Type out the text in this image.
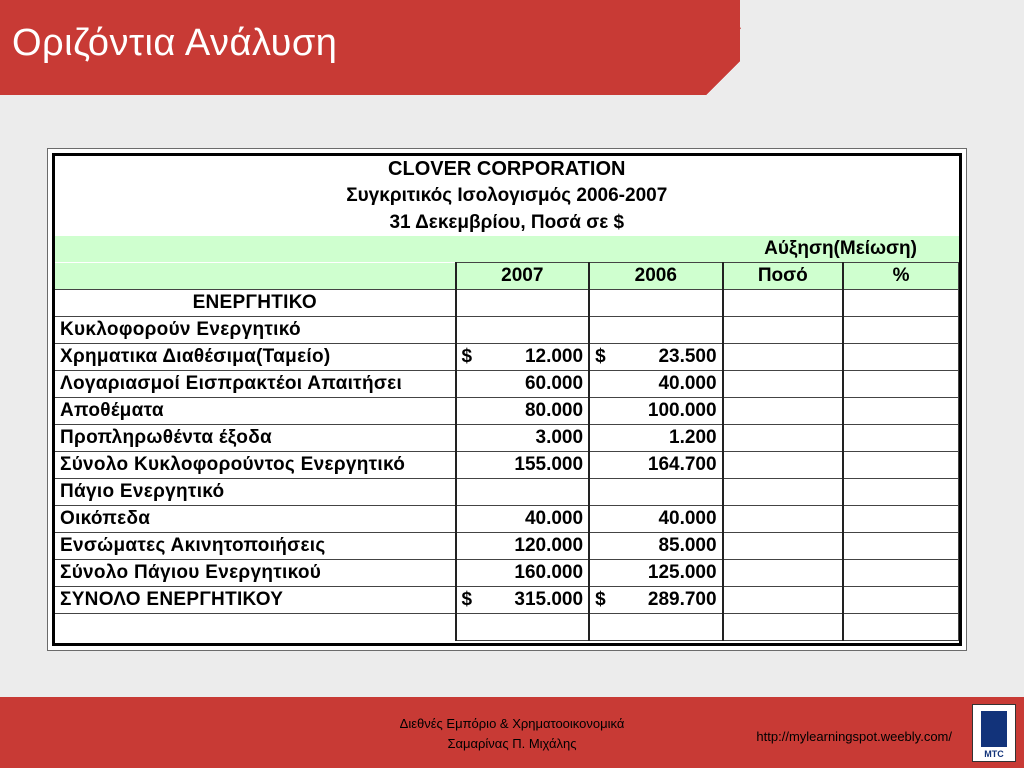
Οριζόντια Ανάλυση
CLOVER CORPORATION				
Συγκριτικός Ισολογισμός 2006-2007				
31 Δεκεμβρίου, Ποσά σε $				
			Αύξηση(Μείωση)	
	2007	2006	Ποσό	%
ΕΝΕΡΓΗΤΙΚΟ				
Κυκλοφορούν Ενεργητικό				
Χρηματικα Διαθέσιμα(Ταμείο)	$ 12.000	$ 23.500		
Λογαριασμοί Εισπρακτέοι Απαιτήσει	60.000	40.000		
Αποθέματα	80.000	100.000		
Προπληρωθέντα έξοδα	3.000	1.200		
Σύνολο Κυκλοφορούντος Ενεργητικό	155.000	164.700		
Πάγιο Ενεργητικό				
Οικόπεδα	40.000	40.000		
Ενσώματες Ακινητοποιήσεις	120.000	85.000		
Σύνολο Πάγιου Ενεργητικού	160.000	125.000		
ΣΥΝΟΛΟ ΕΝΕΡΓΗΤΙΚΟΥ	$ 315.000	$ 289.700		

Διεθνές Εμπόριο & Χρηματοοικονομικά
Σαμαρίνας Π. Μιχάλης	http://mylearningspot.weebly.com/
ΜΤC
